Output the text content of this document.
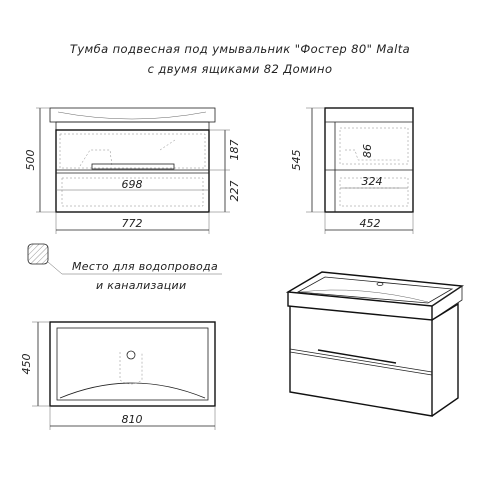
Тумба подвесная под умывальник "Фостер 80" Malta
с двумя ящиками 82 Домино
698
772
500	187
227
545	86
324
452
Место для водопровода
и канализации
450
810
